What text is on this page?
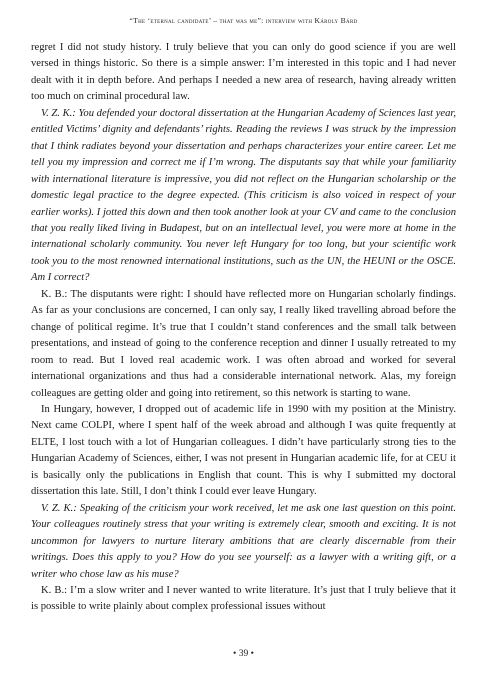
“The ‘eternal candidate’ – that was me”: interview with Károly Bárd

regret I did not study history. I truly believe that you can only do good science if you are well versed in things historic. So there is a simple answer: I’m interested in this topic and I had never dealt with it in depth before. And perhaps I needed a new area of research, having already written too much on criminal procedural law.

V. Z. K.: You defended your doctoral dissertation at the Hungarian Academy of Sciences last year, entitled Victims’ dignity and defendants’ rights. Reading the reviews I was struck by the impression that I think radiates beyond your dissertation and perhaps characterizes your entire career. Let me tell you my impression and correct me if I’m wrong. The disputants say that while your familiarity with international literature is impressive, you did not reflect on the Hungarian scholarship or the domestic legal practice to the degree expected. (This criticism is also voiced in respect of your earlier works). I jotted this down and then took another look at your CV and came to the conclusion that you really liked living in Budapest, but on an intellectual level, you were more at home in the international scholarly community. You never left Hungary for too long, but your scientific work took you to the most renowned international institutions, such as the UN, the HEUNI or the OSCE. Am I correct?

K. B.: The disputants were right: I should have reflected more on Hungarian scholarly findings. As far as your conclusions are concerned, I can only say, I really liked travelling abroad before the change of political regime. It’s true that I couldn’t stand conferences and the small talk between presentations, and instead of going to the conference reception and dinner I usually retreated to my room to read. But I loved real academic work. I was often abroad and worked for several international organizations and thus had a considerable international network. Alas, my foreign colleagues are getting older and going into retirement, so this network is starting to wane.

In Hungary, however, I dropped out of academic life in 1990 with my position at the Ministry. Next came COLPI, where I spent half of the week abroad and although I was quite frequently at ELTE, I lost touch with a lot of Hungarian colleagues. I didn’t have particularly strong ties to the Hungarian Academy of Sciences, either, I was not present in Hungarian academic life, for at CEU it is basically only the publications in English that count. This is why I submitted my doctoral dissertation this late. Still, I don’t think I could ever leave Hungary.

V. Z. K.: Speaking of the criticism your work received, let me ask one last question on this point. Your colleagues routinely stress that your writing is extremely clear, smooth and exciting. It is not uncommon for lawyers to nurture literary ambitions that are clearly discernable from their writings. Does this apply to you? How do you see yourself: as a lawyer with a writing gift, or a writer who chose law as his muse?

K. B.: I’m a slow writer and I never wanted to write literature. It’s just that I truly believe that it is possible to write plainly about complex professional issues without

• 39 •
